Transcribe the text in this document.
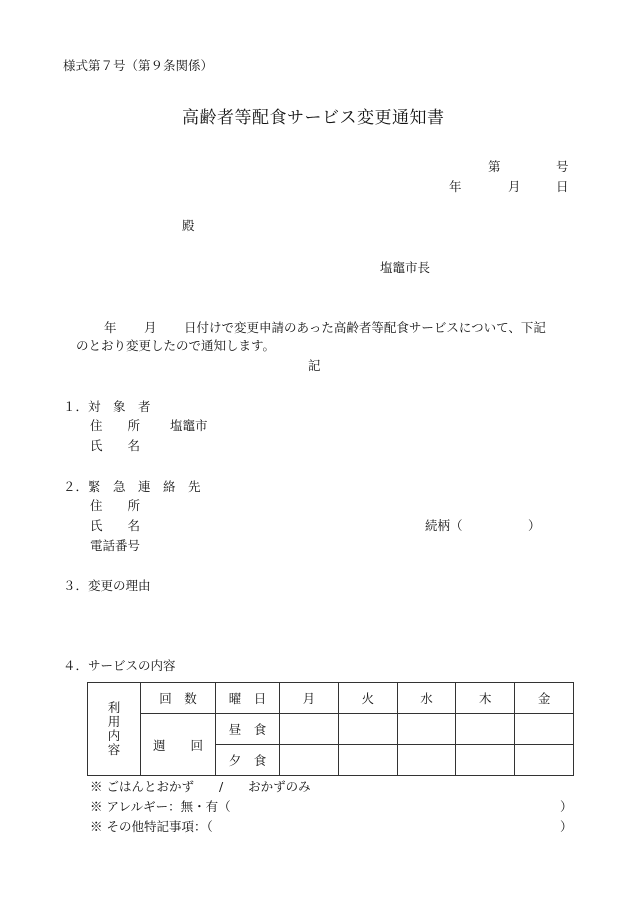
様式第７号（第９条関係）
高齢者等配食サービス変更通知書
第	号
年	月	日
殿
塩竈市長
年 月 日付けで変更申請のあった高齢者等配食サービスについて、下記
のとおり変更したので通知します。
記
１．対　象　者
住　　所 塩竈市
氏　　名
２．緊　急　連　絡　先
住　　所
氏　　名	続柄（	）
電話番号
３．変更の理由
４．サービスの内容
利
用
内
容	回　数	曜　日	月	火	水	木	金
	週　　回	昼　食					
		夕　食					
※ ごはんとおかず　　/　　おかずのみ
※ アレルギー：無・有（	）
※ その他特記事項：（	）
